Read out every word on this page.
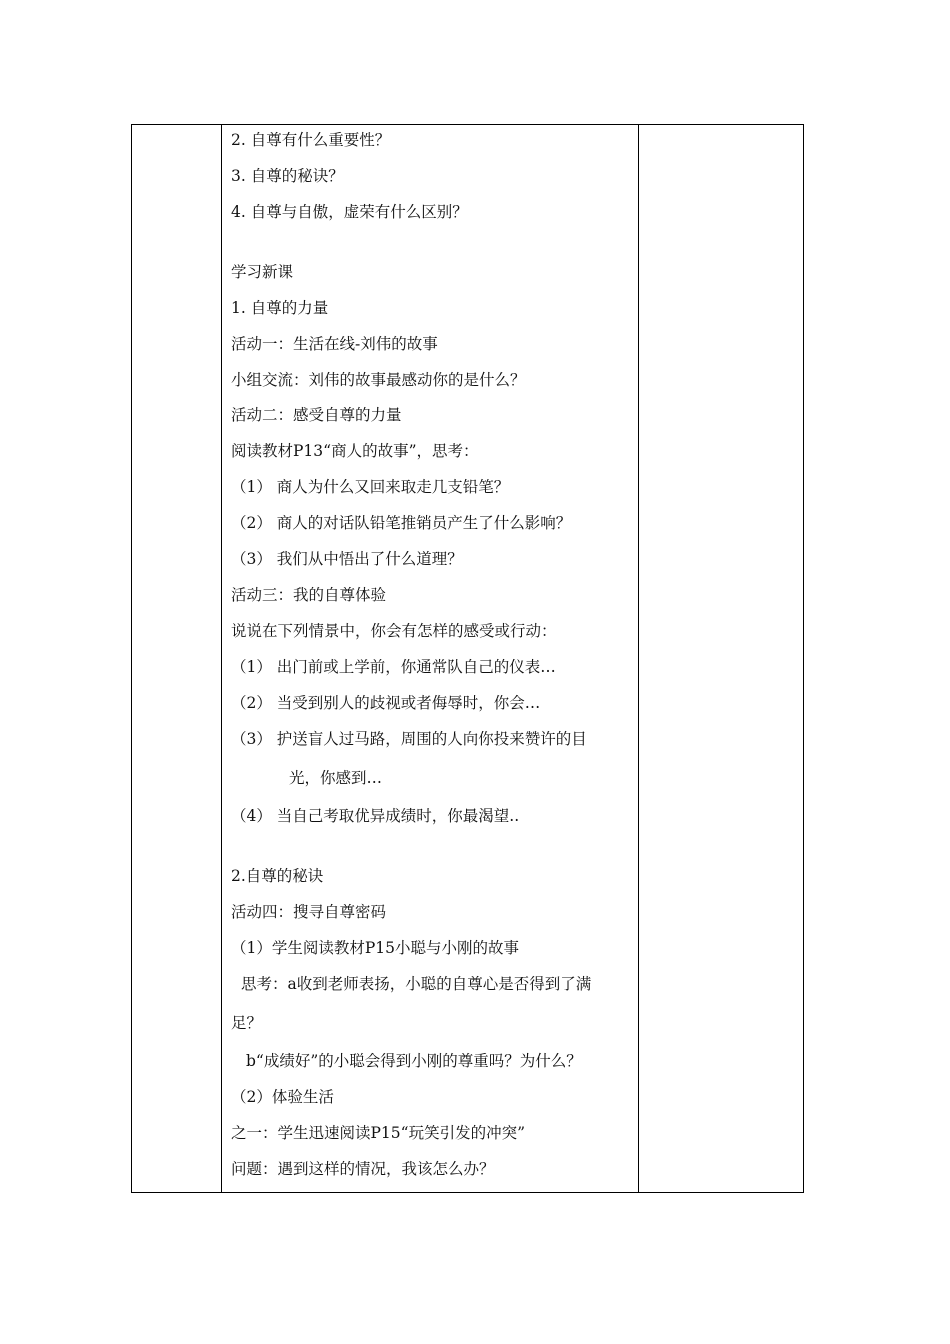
2. 自尊有什么重要性？
3. 自尊的秘诀？
4. 自尊与自傲，虚荣有什么区别？
学习新课
1. 自尊的力量
活动一：生活在线-刘伟的故事
小组交流：刘伟的故事最感动你的是什么？
活动二：感受自尊的力量
阅读教材P13“商人的故事”，思考：
（1） 商人为什么又回来取走几支铅笔？
（2） 商人的对话队铅笔推销员产生了什么影响？
（3） 我们从中悟出了什么道理？
活动三：我的自尊体验
说说在下列情景中，你会有怎样的感受或行动：
（1） 出门前或上学前，你通常队自己的仪表…
（2） 当受到别人的歧视或者侮辱时，你会…
（3） 护送盲人过马路，周围的人向你投来赞许的目
光，你感到…
（4） 当自己考取优异成绩时，你最渴望..
2.自尊的秘诀
活动四：搜寻自尊密码
（1）学生阅读教材P15小聪与小刚的故事
思考：a收到老师表扬，小聪的自尊心是否得到了满
足？
b“成绩好”的小聪会得到小刚的尊重吗？为什么？
（2）体验生活
之一：学生迅速阅读P15“玩笑引发的冲突”
问题：遇到这样的情况，我该怎么办？
